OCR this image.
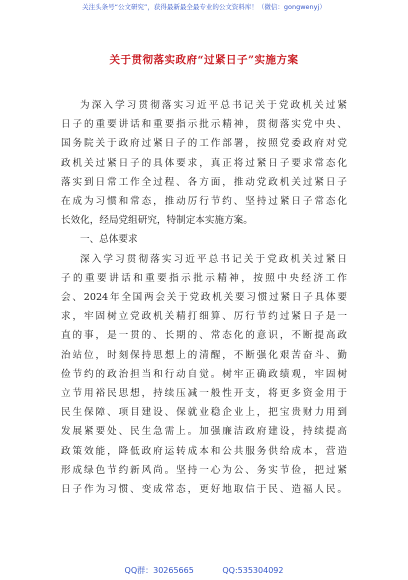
关注头条号“公文研究”，获得最新最全最专业的公文资料库！（微信：gongwenyj）
关于贯彻落实政府“过紧日子”实施方案
为深入学习贯彻落实习近平总书记关于党政机关过紧
日子的重要讲话和重要指示批示精神，贯彻落实党中央、
国务院关于政府过紧日子的工作部署，按照党委政府对党
政机关过紧日子的具体要求，真正将过紧日子要求常态化
落实到日常工作全过程、各方面，推动党政机关过紧日子
在成为习惯和常态，推动厉行节约、坚持过紧日子常态化
长效化，经局党组研究，特制定本实施方案。
一、总体要求
深入学习贯彻落实习近平总书记关于党政机关过紧日
子的重要讲话和重要指示批示精神，按照中央经济工作
会、2024年全国两会关于党政机关要习惯过紧日子具体要
求，牢固树立党政机关精打细算、厉行节约过紧日子是一
直的事，是一贯的、长期的、常态化的意识，不断提高政
治站位，时刻保持思想上的清醒，不断强化艰苦奋斗、勤
俭节约的政治担当和行动自觉。树牢正确政绩观，牢固树
立节用裕民思想，持续压减一般性开支，将更多资金用于
民生保障、项目建设、保就业稳企业上，把宝贵财力用到
发展紧要处、民生急需上。加强廉洁政府建设，持续提高
政策效能，降低政府运转成本和公共服务供给成本，营造
形成绿色节约新风尚。坚持一心为公、务实节俭，把过紧
日子作为习惯、变成常态，更好地取信于民、造福人民。
QQ群：30265665	QQ:535304092
